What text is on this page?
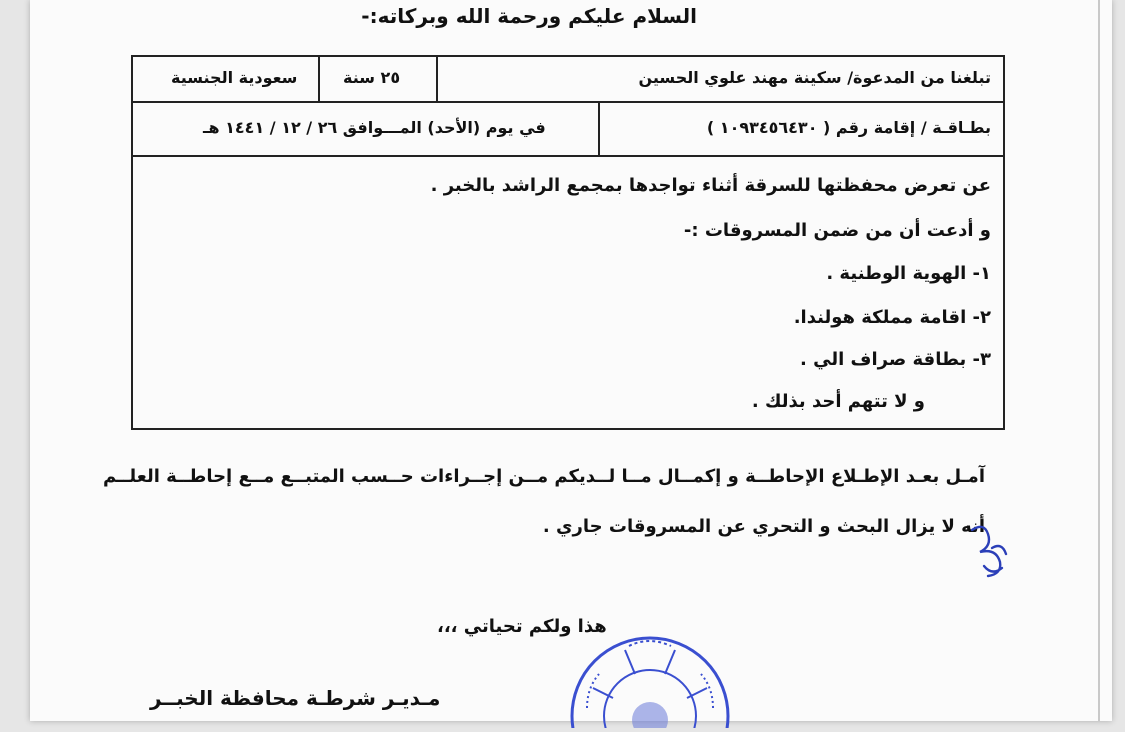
السلام عليكم ورحمة الله وبركاته:-
تبلغنا من المدعوة/ سكينة مهند علوي الحسين
٢٥ سنة
سعودية الجنسية
بطـاقـة / إقامة رقم ( ١٠٩٣٤٥٦٤٣٠ )
في يوم (الأحد) المـــوافق ٢٦ / ١٢ / ١٤٤١ هـ
عن تعرض محفظتها للسرقة أثناء تواجدها بمجمع الراشد بالخبر .
و أدعت أن من ضمن المسروقات :-
١- الهوية الوطنية .
٢- اقامة مملكة هولندا.
٣- بطاقة صراف الي .
و لا تتهم أحد بذلك .
آمـل بعـد الإطـلاع الإحاطــة و إكمــال مــا لــديكم مــن إجــراءات حــسب المتبــع مــع إحاطــة العلــم
أنه لا يزال البحث و التحري عن المسروقات جاري .
هذا ولكم تحياتي ،،،
مـديـر شرطـة محافظة الخبــر
